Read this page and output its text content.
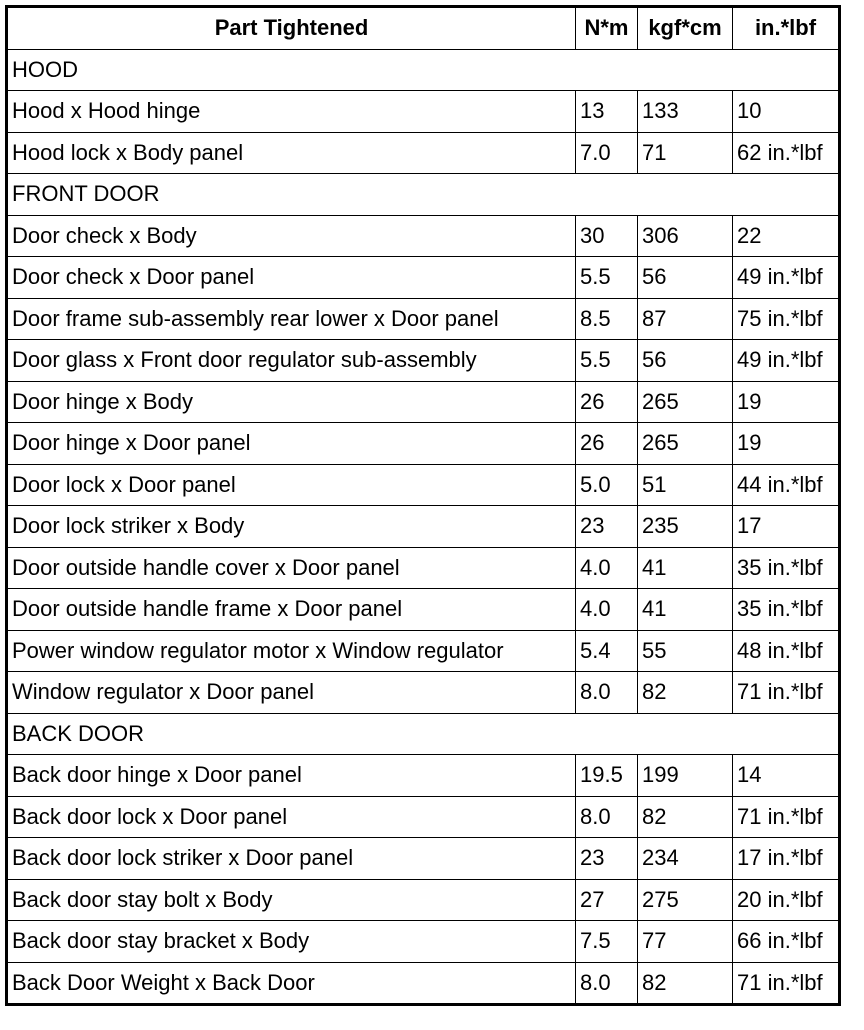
Part Tightened	N*m	kgf*cm	in.*lbf
HOOD			
Hood x Hood hinge	13	133	10
Hood lock x Body panel	7.0	71	62 in.*lbf
FRONT DOOR			
Door check x Body	30	306	22
Door check x Door panel	5.5	56	49 in.*lbf
Door frame sub-assembly rear lower x Door panel	8.5	87	75 in.*lbf
Door glass x Front door regulator sub-assembly	5.5	56	49 in.*lbf
Door hinge x Body	26	265	19
Door hinge x Door panel	26	265	19
Door lock x Door panel	5.0	51	44 in.*lbf
Door lock striker x Body	23	235	17
Door outside handle cover x Door panel	4.0	41	35 in.*lbf
Door outside handle frame x Door panel	4.0	41	35 in.*lbf
Power window regulator motor x Window regulator	5.4	55	48 in.*lbf
Window regulator x Door panel	8.0	82	71 in.*lbf
BACK DOOR			
Back door hinge x Door panel	19.5	199	14
Back door lock x Door panel	8.0	82	71 in.*lbf
Back door lock striker x Door panel	23	234	17 in.*lbf
Back door stay bolt x Body	27	275	20 in.*lbf
Back door stay bracket x Body	7.5	77	66 in.*lbf
Back Door Weight x Back Door	8.0	82	71 in.*lbf
